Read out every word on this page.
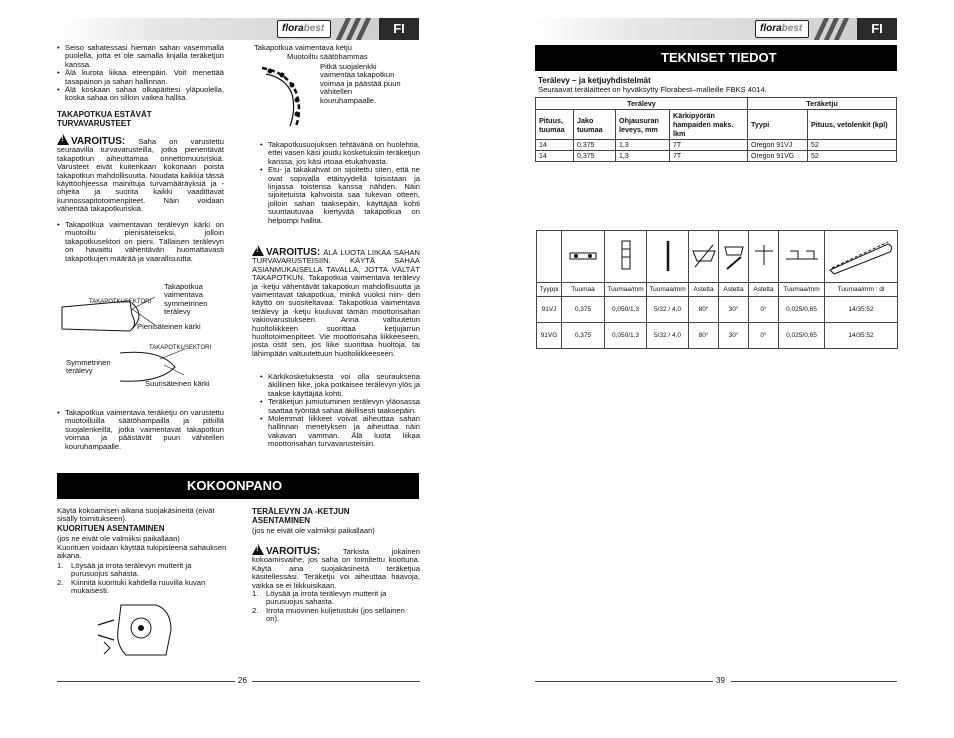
florabest	FI
• Seiso sahatessasi hieman sahan vasemmalla puolella, jotta et ole samalla linjalla teräketjun kanssa.
• Älä kurota liikaa eteenpäin. Voit menettää tasapainon ja sahan hallinnan.
• Älä koskaan sahaa olkapäittesi yläpuolella, koska sahaa on silloin vaikea hallita.
TAKAPOTKUA ESTÄVÄT TURVAVARUSTEET
!VAROITUS: Saha on varustettu seuraavilla turvavarusteilla, jotka pienentävät takapotkun aiheuttamaa onnettomuusriskiä. Varusteet eivät kuitenkaan kokonaan poista takapotkun mahdollisuutta. Noudata kaikkia tässä käyttöohjeessa mainittuja turvamääräyksiä ja -ohjeita ja suorita kaikki vaadittavat kunnossapitotoimenpiteet. Näin voidaan vähentää takapotkuriskiä.
• Takapotkua vaimentavan terälevyn kärki on muotoiltu pienisäteiseksi, jolloin takapotkusektori on pieni. Tällaisen terälevyn on havaittu vähentävän huomattavasti takapotkujen määrää ja vaarallisuutta.
TAKAPOTKUSEKTORI
Takapotkua vaimentava symmetrinen terälevy
Pienisäteinen kärki
TAKAPOTKUSEKTORI
Symmetrinen terälevy
Suurisäteinen kärki
• Takapotkua vaimentava teräketju on varustettu muotoilluilla säätöhampailla ja pitkillä suojalenkeillä, jotka vaimentavat takapotkun voimaa ja päästävät puun vähitellen kouruhampaalle.
Takapotkua vaimentava ketju
Muotoiltu säätöhammas
Pitkä suojalenkki vaimentaa takapotkun voimaa ja päästää puun vähitellen kouruhampaalle.
• Takapotkusuojuksen tehtävänä on huolehtia, ettei vasen käsi joudu kosketuksiin teräketjun kanssa, jos käsi irtoaa etukahvasta.
• Etu- ja takakahvat on sijoitettu siten, että ne ovat sopivalla etäisyydellä toisistaan ja linjassa toistensa kanssa nähden. Näin sijoitetuista kahvoista saa tukevan otteen, jolloin sahan taaksepäin, käyttäjää kohti suuntautuvaa kiertyvää takapotkua on helpompi hallita.
!VAROITUS: ÄLÄ LUOTA LIIKAA SAHAN TURVAVARUSTEISIIN. KÄYTÄ SAHAA ASIANMUKAISELLA TAVALLA, JOTTA VÄLTÄT TAKAPOTKUN. Takapotkua vaimentava terälevy ja -ketju vähentävät takapotkun mahdollisuutta ja vaimentavat takapotkua, minkä vuoksi niin- den käyttö on suositeltavaa. Takapotkua vaimentava terälevy ja -ketju kuuluvat tämän moottorisahan vakiovarustukseen. Anna valtuutetun huoltoliikkeen suorittaa ketjujarrun huoltotoimenpiteet. Vie moottorisaha liikkeeseen, josta ostit sen, jos liike suorittaa huoltoja, tai lähimpään valtuutettuun huoltoliikkeeseen.
• Kärkikosketuksesta voi olla seurauksena äkillinen liike, joka potkaisee terälevyn ylös ja taakse käyttäjää kohti.
• Teräketjun jumiutuminen terälevyn yläosassa saattaa työntää sahaa äkillisesti taaksepäin.
• Molemmat liikkeet voivat aiheuttaa sahan hallinnan menetyksen ja aiheuttaa näin vakavan vamman. Älä luota liikaa moottorisahan turvavarusteisiin.
KOKOONPANO
Käytä kokoamisen aikana suojakäsineitä (eivät sisälly toimitukseen).
KUORITUEN ASENTAMINEN
(jos ne eivät ole valmiiksi paikallaan)
Kuorituen voidaan käyttää tukipisteenä sahauksen aikana.
1. Löysää ja irrota terälevyn mutterit ja purusuojus sahasta.
2. Kiinnitä kuorituki kahdella ruuvilla kuvan mukaisesti.
TERÄLEVYN JA -KETJUN ASENTAMINEN
(jos ne eivät ole valmiiksi paikallaan)
!VAROITUS:	Tarkista jokainen kokoamisvaihe, jos saha on toimitettu koottuna. Käytä aina suojakäsineitä teräketjua käsitellessäsi. Teräketju voi aiheuttaa haavoja, vaikka se ei liikkuisikaan.
1. Löysää ja irrota terälevyn mutterit ja purusuojus sahasta.
2. Irrota muovinen kuljetustuki (jos sellainen on).
26
florabest	FI
TEKNISET TIEDOT
Terälevy – ja ketjuyhdistelmät
Seuraavat terälaitteet on hyväksytty Florabest–malleille FBKS 4014.
Terälevy				Teräketju	
Pituus, tuumaa	Jako tuumaa	Ohjausuran leveys, mm	Kärkipyörän hampaiden maks. lkm	Tyypi	Pituus, vetolenkit (kpl)
14	0,375	1,3	7T	Oregon 91VJ	52
14	0,375	1,3	7T	Oregon 91VG	52

Tyyppi	Tuumaa	Tuumaa/mm	Tuumaa/mm	Astetta	Astetta	Astetta	Tuumaa/mm	Tuumaa/mm : dl
91VJ	0,375	0,050/1,3	5/32 / 4,0	80°	30°	0°	0,025/0,65	14/35:52
91VG	0,375	0,050/1,3	5/32 / 4,0	80°	30°	0°	0,025/0,65	14/35:52
39
